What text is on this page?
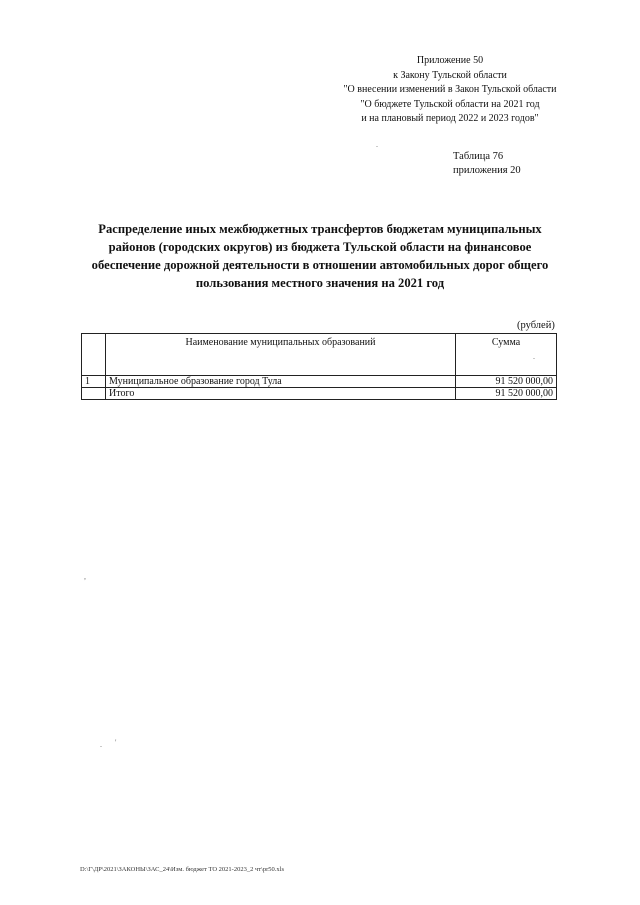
Приложение 50
к Закону Тульской области
"О внесении изменений в Закон Тульской области
"О бюджете Тульской области на 2021 год
и на плановый период 2022 и 2023 годов"
Таблица 76
приложения 20
Распределение иных межбюджетных трансфертов бюджетам муниципальных
районов (городских округов) из бюджета Тульской области на финансовое
обеспечение дорожной деятельности в отношении автомобильных дорог общего
пользования местного значения на 2021 год
(рублей)
	Наименование муниципальных образований	Сумма
1	Муниципальное образование город Тула	91 520 000,00
	Итого	91 520 000,00
.
.
,
. '
D:\Г\ДР\2021\ЗАКОНЫ\ЗАС_24\Изм. бюджет ТО 2021-2023_2 чт\pr50.xls
